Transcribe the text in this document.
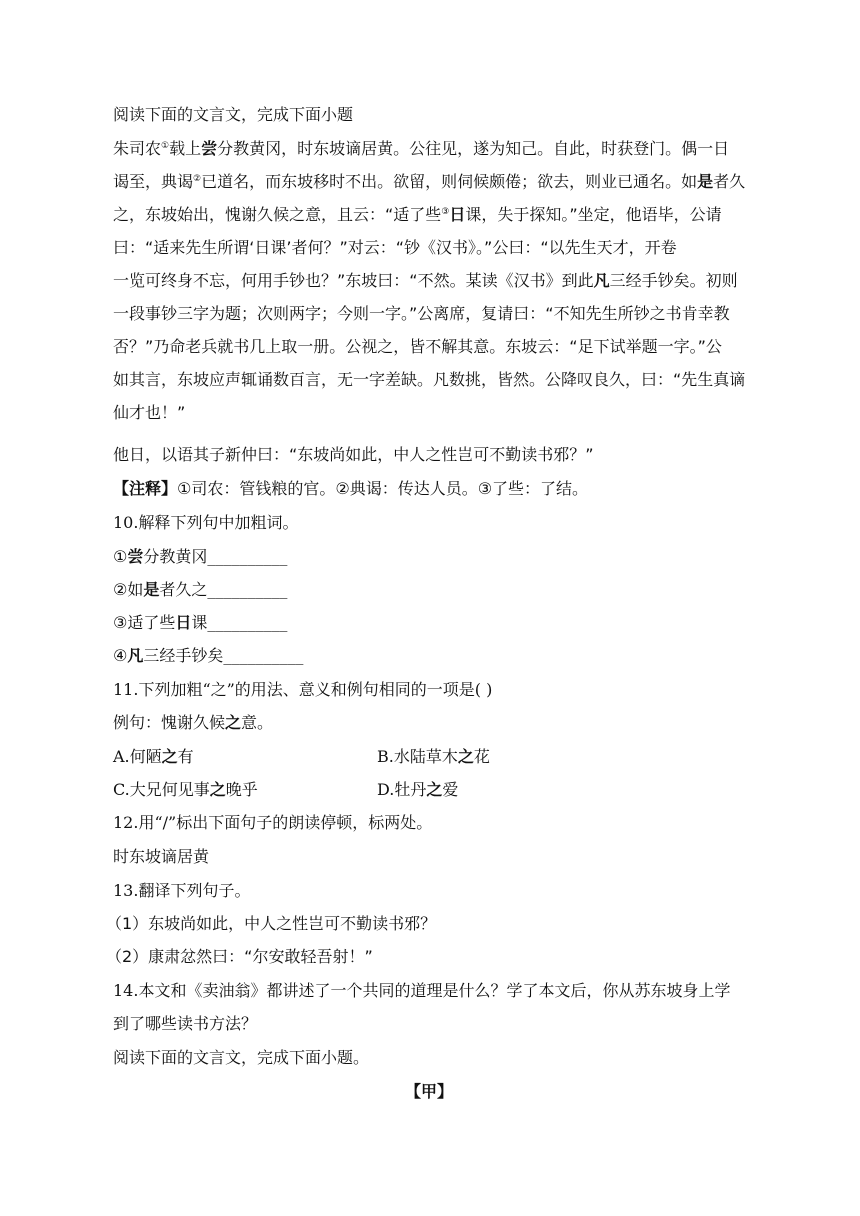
阅读下面的文言文，完成下面小题

朱司农①载上尝分教黄冈，时东坡谪居黄。公往见，遂为知己。自此，时获登门。偶一日

谒至，典谒②已道名，而东坡移时不出。欲留，则伺候颇倦；欲去，则业已通名。如是者久

之，东坡始出，愧谢久候之意，且云：“适了些③日课，失于探知。”坐定，他语毕，公请

曰：“适来先生所谓‘日课’者何？”对云：“钞《汉书》。”公曰：“以先生天才，开卷

一览可终身不忘，何用手钞也？”东坡曰：“不然。某读《汉书》到此凡三经手钞矣。初则

一段事钞三字为题；次则两字；今则一字。”公离席，复请曰：“不知先生所钞之书肯幸教

否？”乃命老兵就书几上取一册。公视之，皆不解其意。东坡云：“足下试举题一字。”公

如其言，东坡应声辄诵数百言，无一字差缺。凡数挑，皆然。公降叹良久，曰：“先生真谪

仙才也！”

他日，以语其子新仲曰：“东坡尚如此，中人之性岂可不勤读书邪？”

【注释】①司农：管钱粮的官。②典谒：传达人员。③了些：了结。

10.解释下列句中加粗词。

①尝分教黄冈__________

②如是者久之__________

③适了些日课__________

④凡三经手钞矣__________

11.下列加粗“之”的用法、意义和例句相同的一项是( )

例句：愧谢久候之意。

A.何陋之有	B.水陆草木之花

C.大兄何见事之晚乎	D.牡丹之爱

12.用“/”标出下面句子的朗读停顿，标两处。

时东坡谪居黄

13.翻译下列句子。

（1）东坡尚如此，中人之性岂可不勤读书邪？

（2）康肃忿然曰：“尔安敢轻吾射！”

14.本文和《卖油翁》都讲述了一个共同的道理是什么？学了本文后，你从苏东坡身上学

到了哪些读书方法？

阅读下面的文言文，完成下面小题。

【甲】
